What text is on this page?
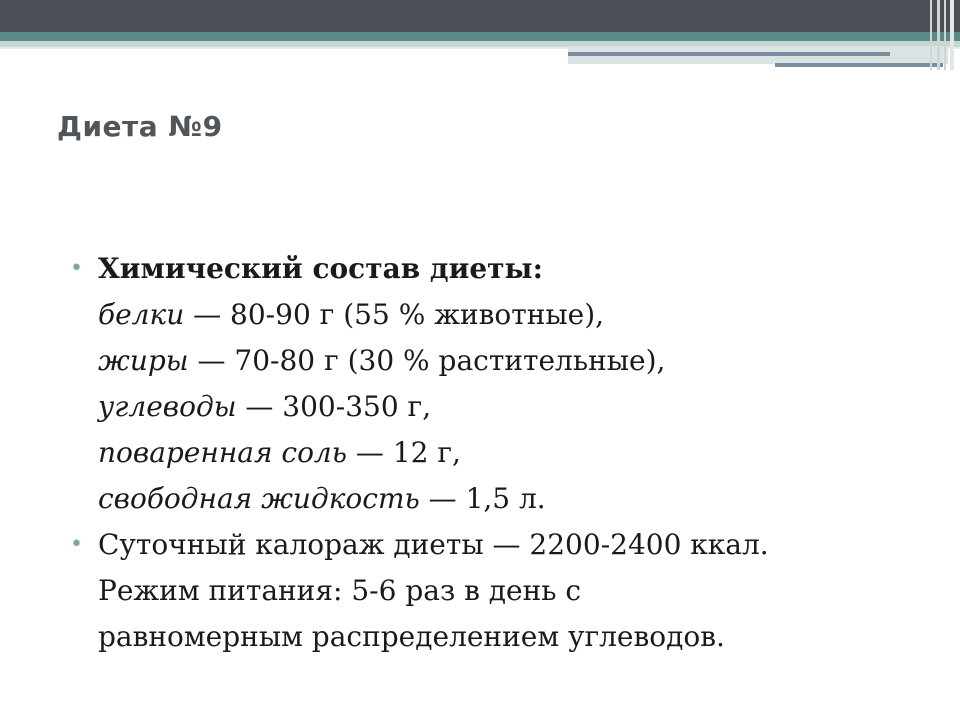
Диета №9
• Химический состав диеты:
белки — 80-90 г (55 % животные),
жиры — 70-80 г (30 % растительные),
углеводы — 300-350 г,
поваренная соль — 12 г,
свободная жидкость — 1,5 л.
• Суточный калораж диеты — 2200-2400 ккал.
Режим питания: 5-6 раз в день с
равномерным распределением углеводов.
